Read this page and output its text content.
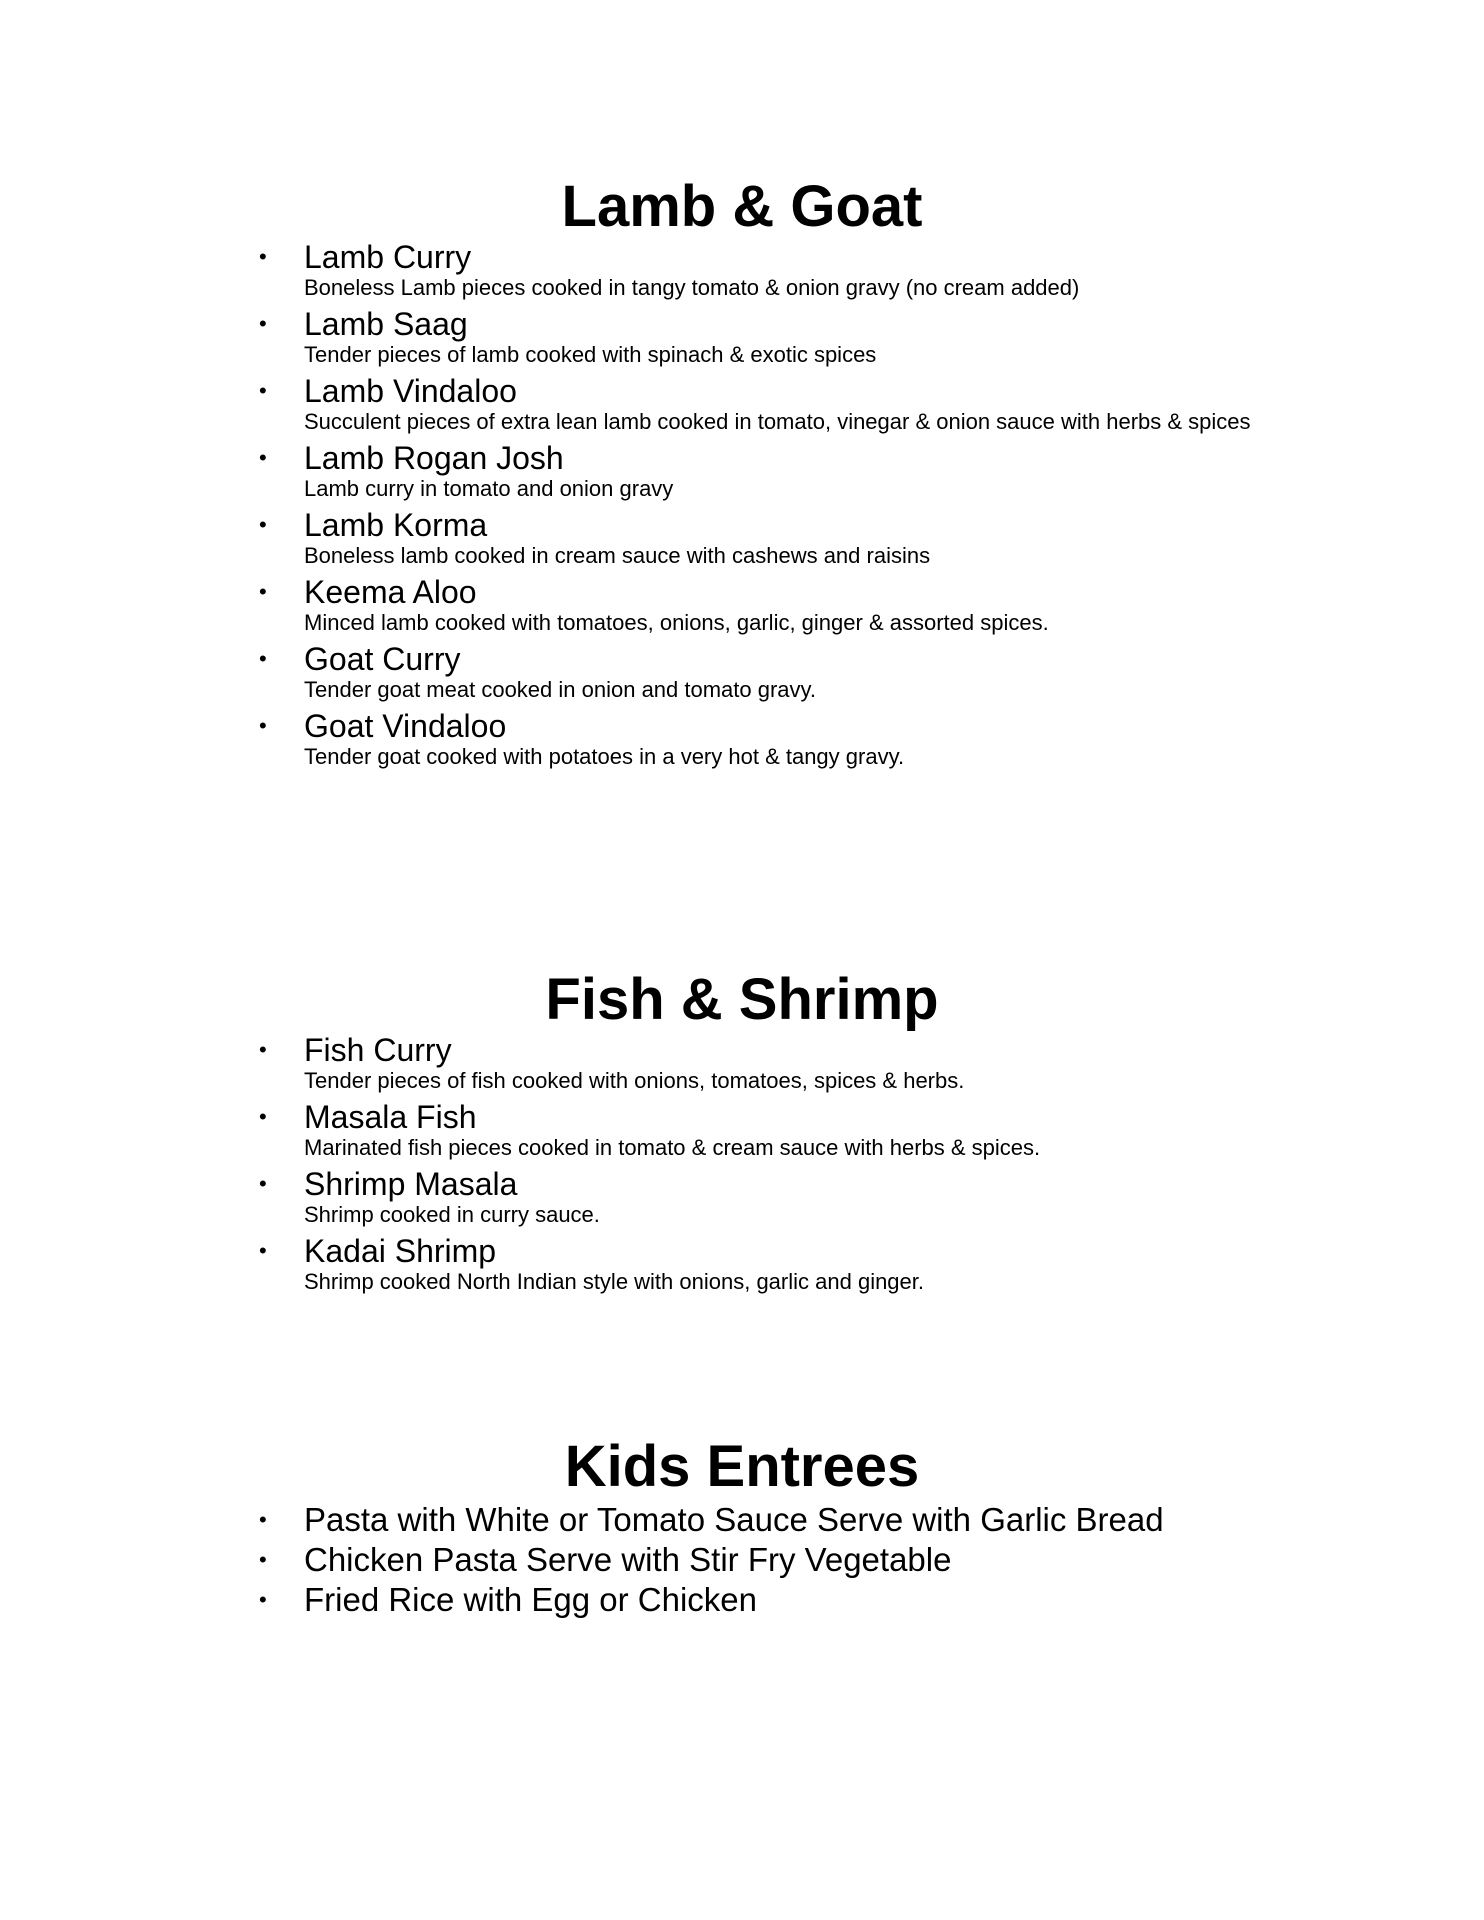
Lamb & Goat
• Lamb Curry
Boneless Lamb pieces cooked in tangy tomato & onion gravy (no cream added)
• Lamb Saag
Tender pieces of lamb cooked with spinach & exotic spices
• Lamb Vindaloo
Succulent pieces of extra lean lamb cooked in tomato, vinegar & onion sauce with herbs & spices
• Lamb Rogan Josh
Lamb curry in tomato and onion gravy
• Lamb Korma
Boneless lamb cooked in cream sauce with cashews and raisins
• Keema Aloo
Minced lamb cooked with tomatoes, onions, garlic, ginger & assorted spices.
• Goat Curry
Tender goat meat cooked in onion and tomato gravy.
• Goat Vindaloo
Tender goat cooked with potatoes in a very hot & tangy gravy.
Fish & Shrimp
• Fish Curry
Tender pieces of fish cooked with onions, tomatoes, spices & herbs.
• Masala Fish
Marinated fish pieces cooked in tomato & cream sauce with herbs & spices.
• Shrimp Masala
Shrimp cooked in curry sauce.
• Kadai Shrimp
Shrimp cooked North Indian style with onions, garlic and ginger.
Kids Entrees
• Pasta with White or Tomato Sauce Serve with Garlic Bread
• Chicken Pasta Serve with Stir Fry Vegetable
• Fried Rice with Egg or Chicken
